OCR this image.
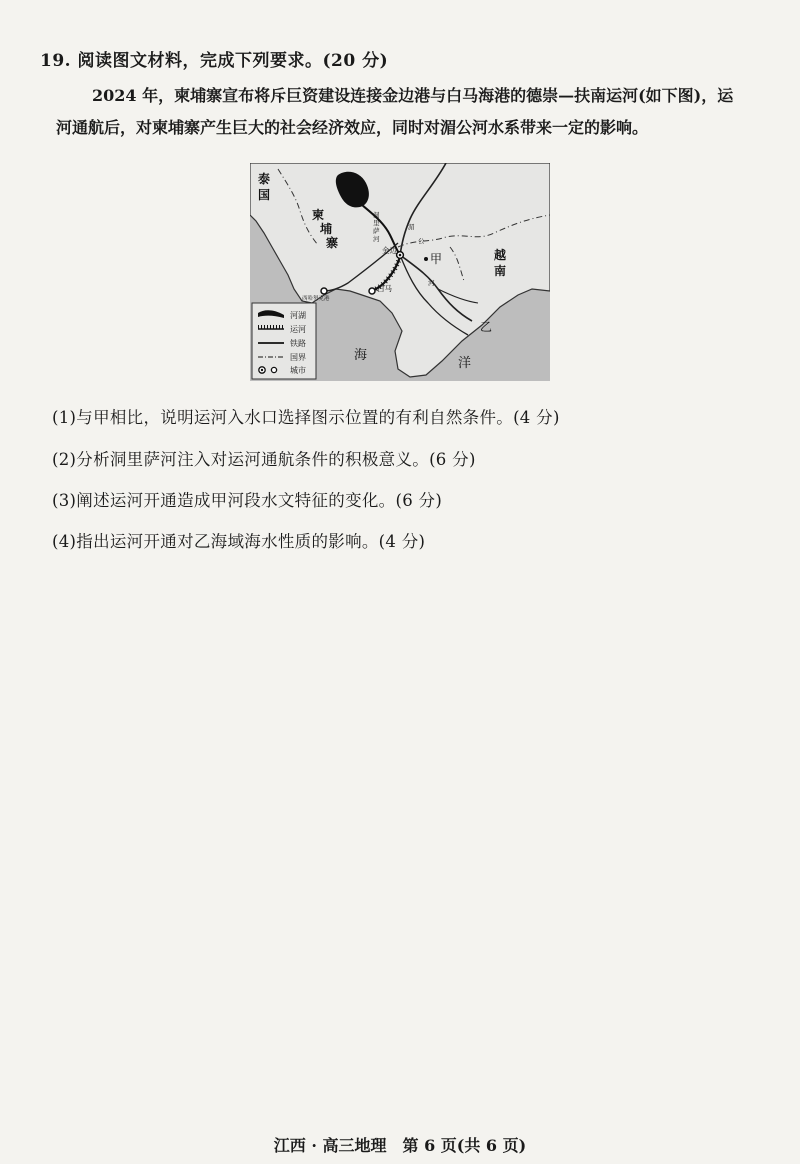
19. 阅读图文材料，完成下列要求。(20 分)
2024 年，柬埔寨宣布将斥巨资建设连接金边港与白马海港的德崇—扶南运河(如下图)，运河通航后，对柬埔寨产生巨大的社会经济效应，同时对湄公河水系带来一定的影响。
泰
国
柬
埔
寨
越
南
海
洋
洞
里
萨
河
湄
公
河
金边
白马
西哈努克港
甲
乙
河湖
运河
铁路
国界
城市
(1)与甲相比，说明运河入水口选择图示位置的有利自然条件。(4 分)
(2)分析洞里萨河注入对运河通航条件的积极意义。(6 分)
(3)阐述运河开通造成甲河段水文特征的变化。(6 分)
(4)指出运河开通对乙海域海水性质的影响。(4 分)
江西 · 高三地理　第 6 页(共 6 页)
